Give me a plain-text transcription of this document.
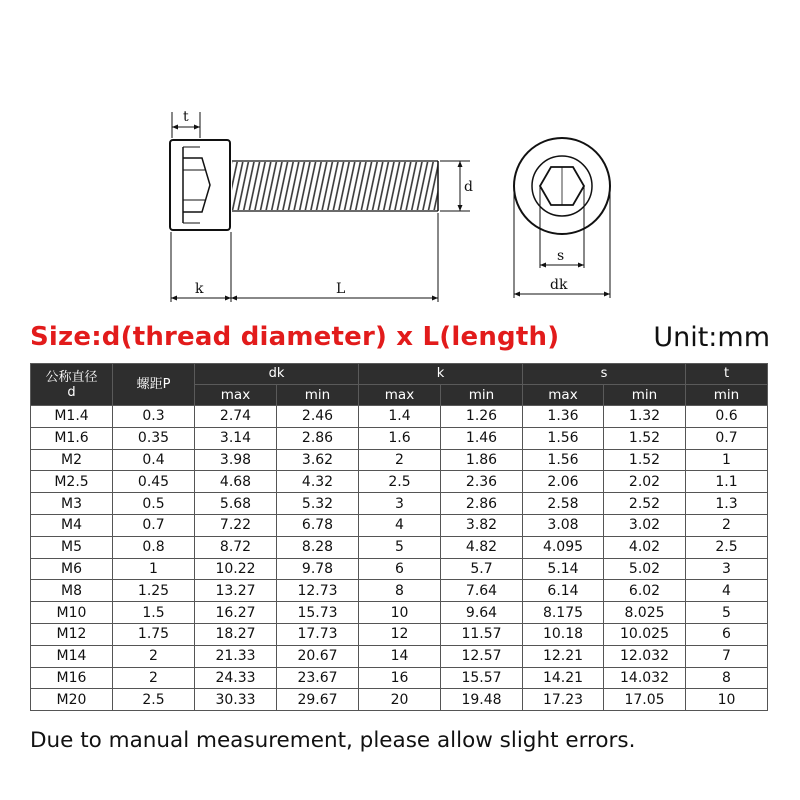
t
d
k	L
s
dk
Size:d(thread diameter) x L(length)	Unit:mm
公称直径
d	螺距P	dk		k		s		t
		max	min	max	min	max	min	min
M1.4	0.3	2.74	2.46	1.4	1.26	1.36	1.32	0.6
M1.6	0.35	3.14	2.86	1.6	1.46	1.56	1.52	0.7
M2	0.4	3.98	3.62	2	1.86	1.56	1.52	1
M2.5	0.45	4.68	4.32	2.5	2.36	2.06	2.02	1.1
M3	0.5	5.68	5.32	3	2.86	2.58	2.52	1.3
M4	0.7	7.22	6.78	4	3.82	3.08	3.02	2
M5	0.8	8.72	8.28	5	4.82	4.095	4.02	2.5
M6	1	10.22	9.78	6	5.7	5.14	5.02	3
M8	1.25	13.27	12.73	8	7.64	6.14	6.02	4
M10	1.5	16.27	15.73	10	9.64	8.175	8.025	5
M12	1.75	18.27	17.73	12	11.57	10.18	10.025	6
M14	2	21.33	20.67	14	12.57	12.21	12.032	7
M16	2	24.33	23.67	16	15.57	14.21	14.032	8
M20	2.5	30.33	29.67	20	19.48	17.23	17.05	10
Due to manual measurement, please allow slight errors.
